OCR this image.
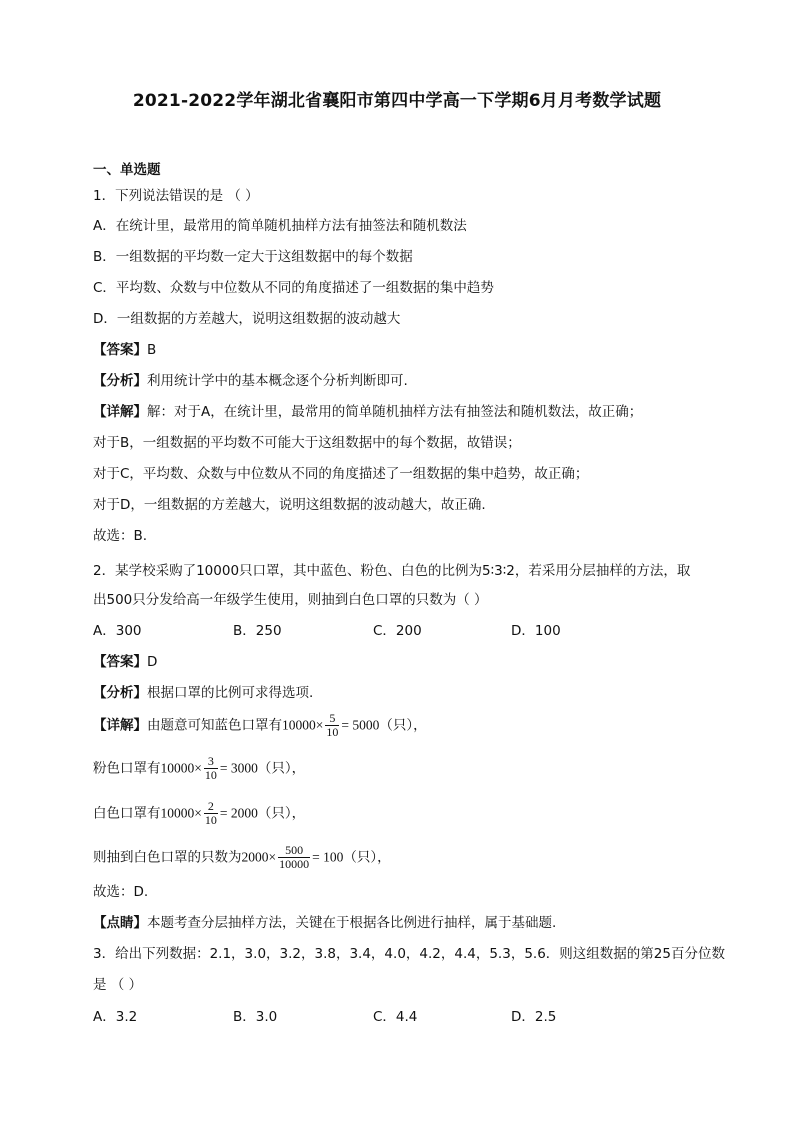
2021-2022学年湖北省襄阳市第四中学高一下学期6月月考数学试题
一、单选题
1．下列说法错误的是 （ ）
A．在统计里，最常用的简单随机抽样方法有抽签法和随机数法
B．一组数据的平均数一定大于这组数据中的每个数据
C．平均数、众数与中位数从不同的角度描述了一组数据的集中趋势
D．一组数据的方差越大，说明这组数据的波动越大
【答案】B
【分析】利用统计学中的基本概念逐个分析判断即可.
【详解】解：对于A，在统计里，最常用的简单随机抽样方法有抽签法和随机数法，故正确；
对于B，一组数据的平均数不可能大于这组数据中的每个数据，故错误；
对于C，平均数、众数与中位数从不同的角度描述了一组数据的集中趋势，故正确；
对于D，一组数据的方差越大，说明这组数据的波动越大，故正确.
故选：B.
2．某学校采购了10000只口罩，其中蓝色、粉色、白色的比例为5∶3∶2，若采用分层抽样的方法，取
出500只分发给高一年级学生使用，则抽到白色口罩的只数为（ ）
A．300	B．250	C．200	D．100
【答案】D
【分析】根据口罩的比例可求得选项.
【详解】由题意可知蓝色口罩有$10000\times \frac{5}{10} = 5000$（只），
粉色口罩有$10000\times \frac{3}{10} = 3000$（只），
白色口罩有$10000\times \frac{2}{10} = 2000$（只），
则抽到白色口罩的只数为$2000\times \frac{500}{10000} = 100$（只），
故选：D.
【点睛】本题考查分层抽样方法，关键在于根据各比例进行抽样，属于基础题.
3．给出下列数据：2.1，3.0，3.2，3.8，3.4，4.0，4.2，4.4，5.3，5.6．则这组数据的第25百分位数
是 （ ）
A．3.2	B．3.0	C．4.4	D．2.5
